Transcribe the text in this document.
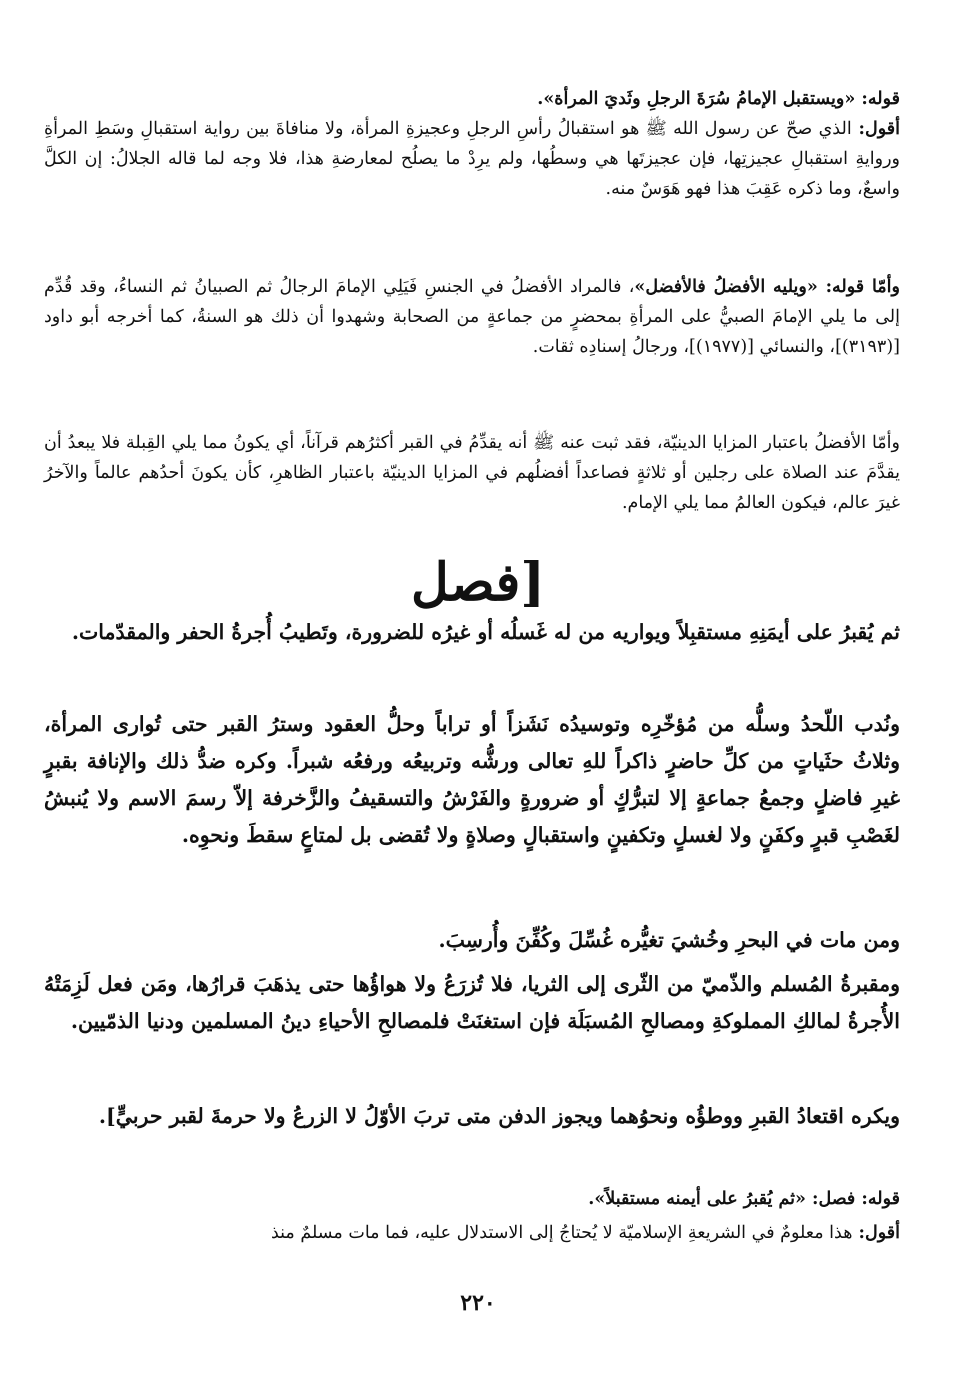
قوله: «ويستقبل الإمامُ سُرَةَ الرجلِ وثَديَ المرأة».

أقول: الذي صحّ عن رسول الله ﷺ هو استقبالُ رأسِ الرجلِ وعجيزةِ المرأة، ولا منافاةَ بين رواية استقبالِ وسَطِ المرأةِ وروايةِ استقبالِ عجيزتِها، فإن عجيزتَها هي وسطُها، ولم يرِدْ ما يصلُح لمعارضةِ هذا، فلا وجه لما قاله الجلالُ: إن الكلَّ واسعٌ، وما ذكره عَقِبَ هذا فهو هَوَسٌ منه.

وأمّا قوله: «ويليه الأفضلُ فالأفضل»، فالمراد الأفضلُ في الجنسِ فَيَلِي الإمامَ الرجالُ ثم الصبيانُ ثم النساءُ، وقد قُدِّم إلى ما يلي الإمامَ الصبيُّ على المرأةِ بمحضرٍ من جماعةٍ من الصحابة وشهدوا أن ذلك هو السنةُ، كما أخرجه أبو داود [(٣١٩٣)]، والنسائي [(١٩٧٧)]، ورجالُ إسنادِه ثقات.

وأمّا الأفضلُ باعتبار المزايا الدينيّة، فقد ثبت عنه ﷺ أنه يقدِّمُ في القبر أكثرُهم قرآناً، أي يكونُ مما يلي القِبلة فلا يبعدُ أن يقدَّمَ عند الصلاة على رجلين أو ثلاثةٍ فصاعداً أفضلُهم في المزايا الدينيّة باعتبار الظاهرِ، كأن يكونَ أحدُهم عالماً والآخرُ غيرَ عالم، فيكون العالمُ مما يلي الإمام.

[فصل

ثم يُقبرُ على أيمَنِهِ مستقبِلاً ويواريه من له غَسلُه أو غيرُه للضرورة، وتَطيبُ أُجرةُ الحفر والمقدّمات.

ونُدب اللّحدُ وسلُّه من مُؤخّرِه وتوسيدُه نَشَزاً أو تراباً وحلُّ العقود وسترُ القبر حتى تُوارى المرأة، وثلاثُ حثَياتٍ من كلِّ حاضرٍ ذاكراً للهِ تعالى ورشُّه وتربيعُه ورفعُه شبراً. وكره ضدُّ ذلك والإنافة بقبرٍ غيرِ فاضلٍ وجمعُ جماعةٍ إلا لتبرُّكٍ أو ضرورةٍ والفَرْشُ والتسقيفُ والزَّخرفة إلاّ رسمَ الاسم ولا يُنبشُ لغَصْبِ قبرٍ وكفَنٍ ولا لغسلٍ وتكفينٍ واستقبالٍ وصلاةٍ ولا تُقضى بل لمتاعٍ سقطَ ونحوِه.

ومن مات في البحرِ وخُشيَ تغيُّره غُسِّلَ وكُفِّنَ وأُرسِبَ.

ومقبرةُ المُسلم والذّميّ من الثّرى إلى الثريا، فلا تُزرَعُ ولا هواؤُها حتى يذهَبَ قرارُها، ومَن فعل لَزِمَتْهُ الأُجرةُ لمالكِ المملوكةِ ومصالحِ المُسبَلَة فإن استغنَتْ فلمصالحِ الأحياءِ دينُ المسلمين ودنيا الذمّيين.

ويكره اقتعادُ القبرِ ووطؤُه ونحوُهما ويجوز الدفن متى تربَ الأوّلُ لا الزرعُ ولا حرمةَ لقبر حربيٍّ].

قوله: فصل: «ثم يُقبرُ على أيمنه مستقبلاً».

أقول: هذا معلومٌ في الشريعةِ الإسلاميّة لا يُحتاجُ إلى الاستدلال عليه، فما مات مسلمٌ منذ

٢٢٠
